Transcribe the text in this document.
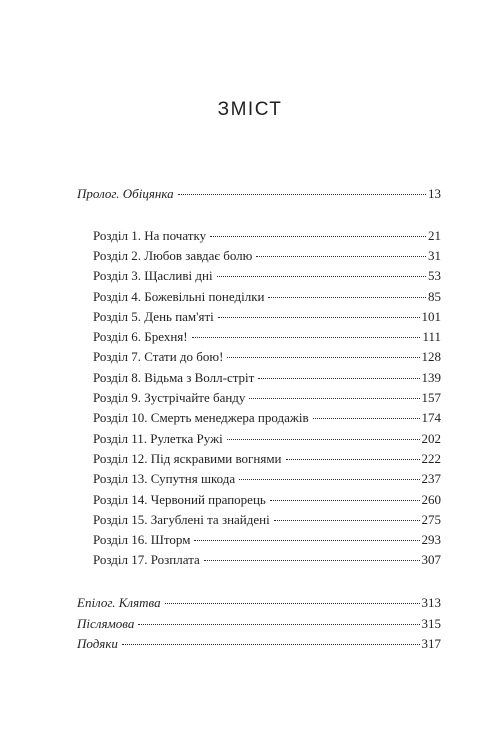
ЗМІСТ
Пролог. Обіцянка	13
Розділ 1. На початку	21
Розділ 2. Любов завдає болю	31
Розділ 3. Щасливі дні	53
Розділ 4. Божевільні понеділки	85
Розділ 5. День пам'яті	101
Розділ 6. Брехня!	111
Розділ 7. Стати до бою!	128
Розділ 8. Відьма з Волл-стріт	139
Розділ 9. Зустрічайте банду	157
Розділ 10. Смерть менеджера продажів	174
Розділ 11. Рулетка Ружі	202
Розділ 12. Під яскравими вогнями	222
Розділ 13. Супутня шкода	237
Розділ 14. Червоний прапорець	260
Розділ 15. Загублені та знайдені	275
Розділ 16. Шторм	293
Розділ 17. Розплата	307
Епілог. Клятва	313
Післямова	315
Подяки	317
